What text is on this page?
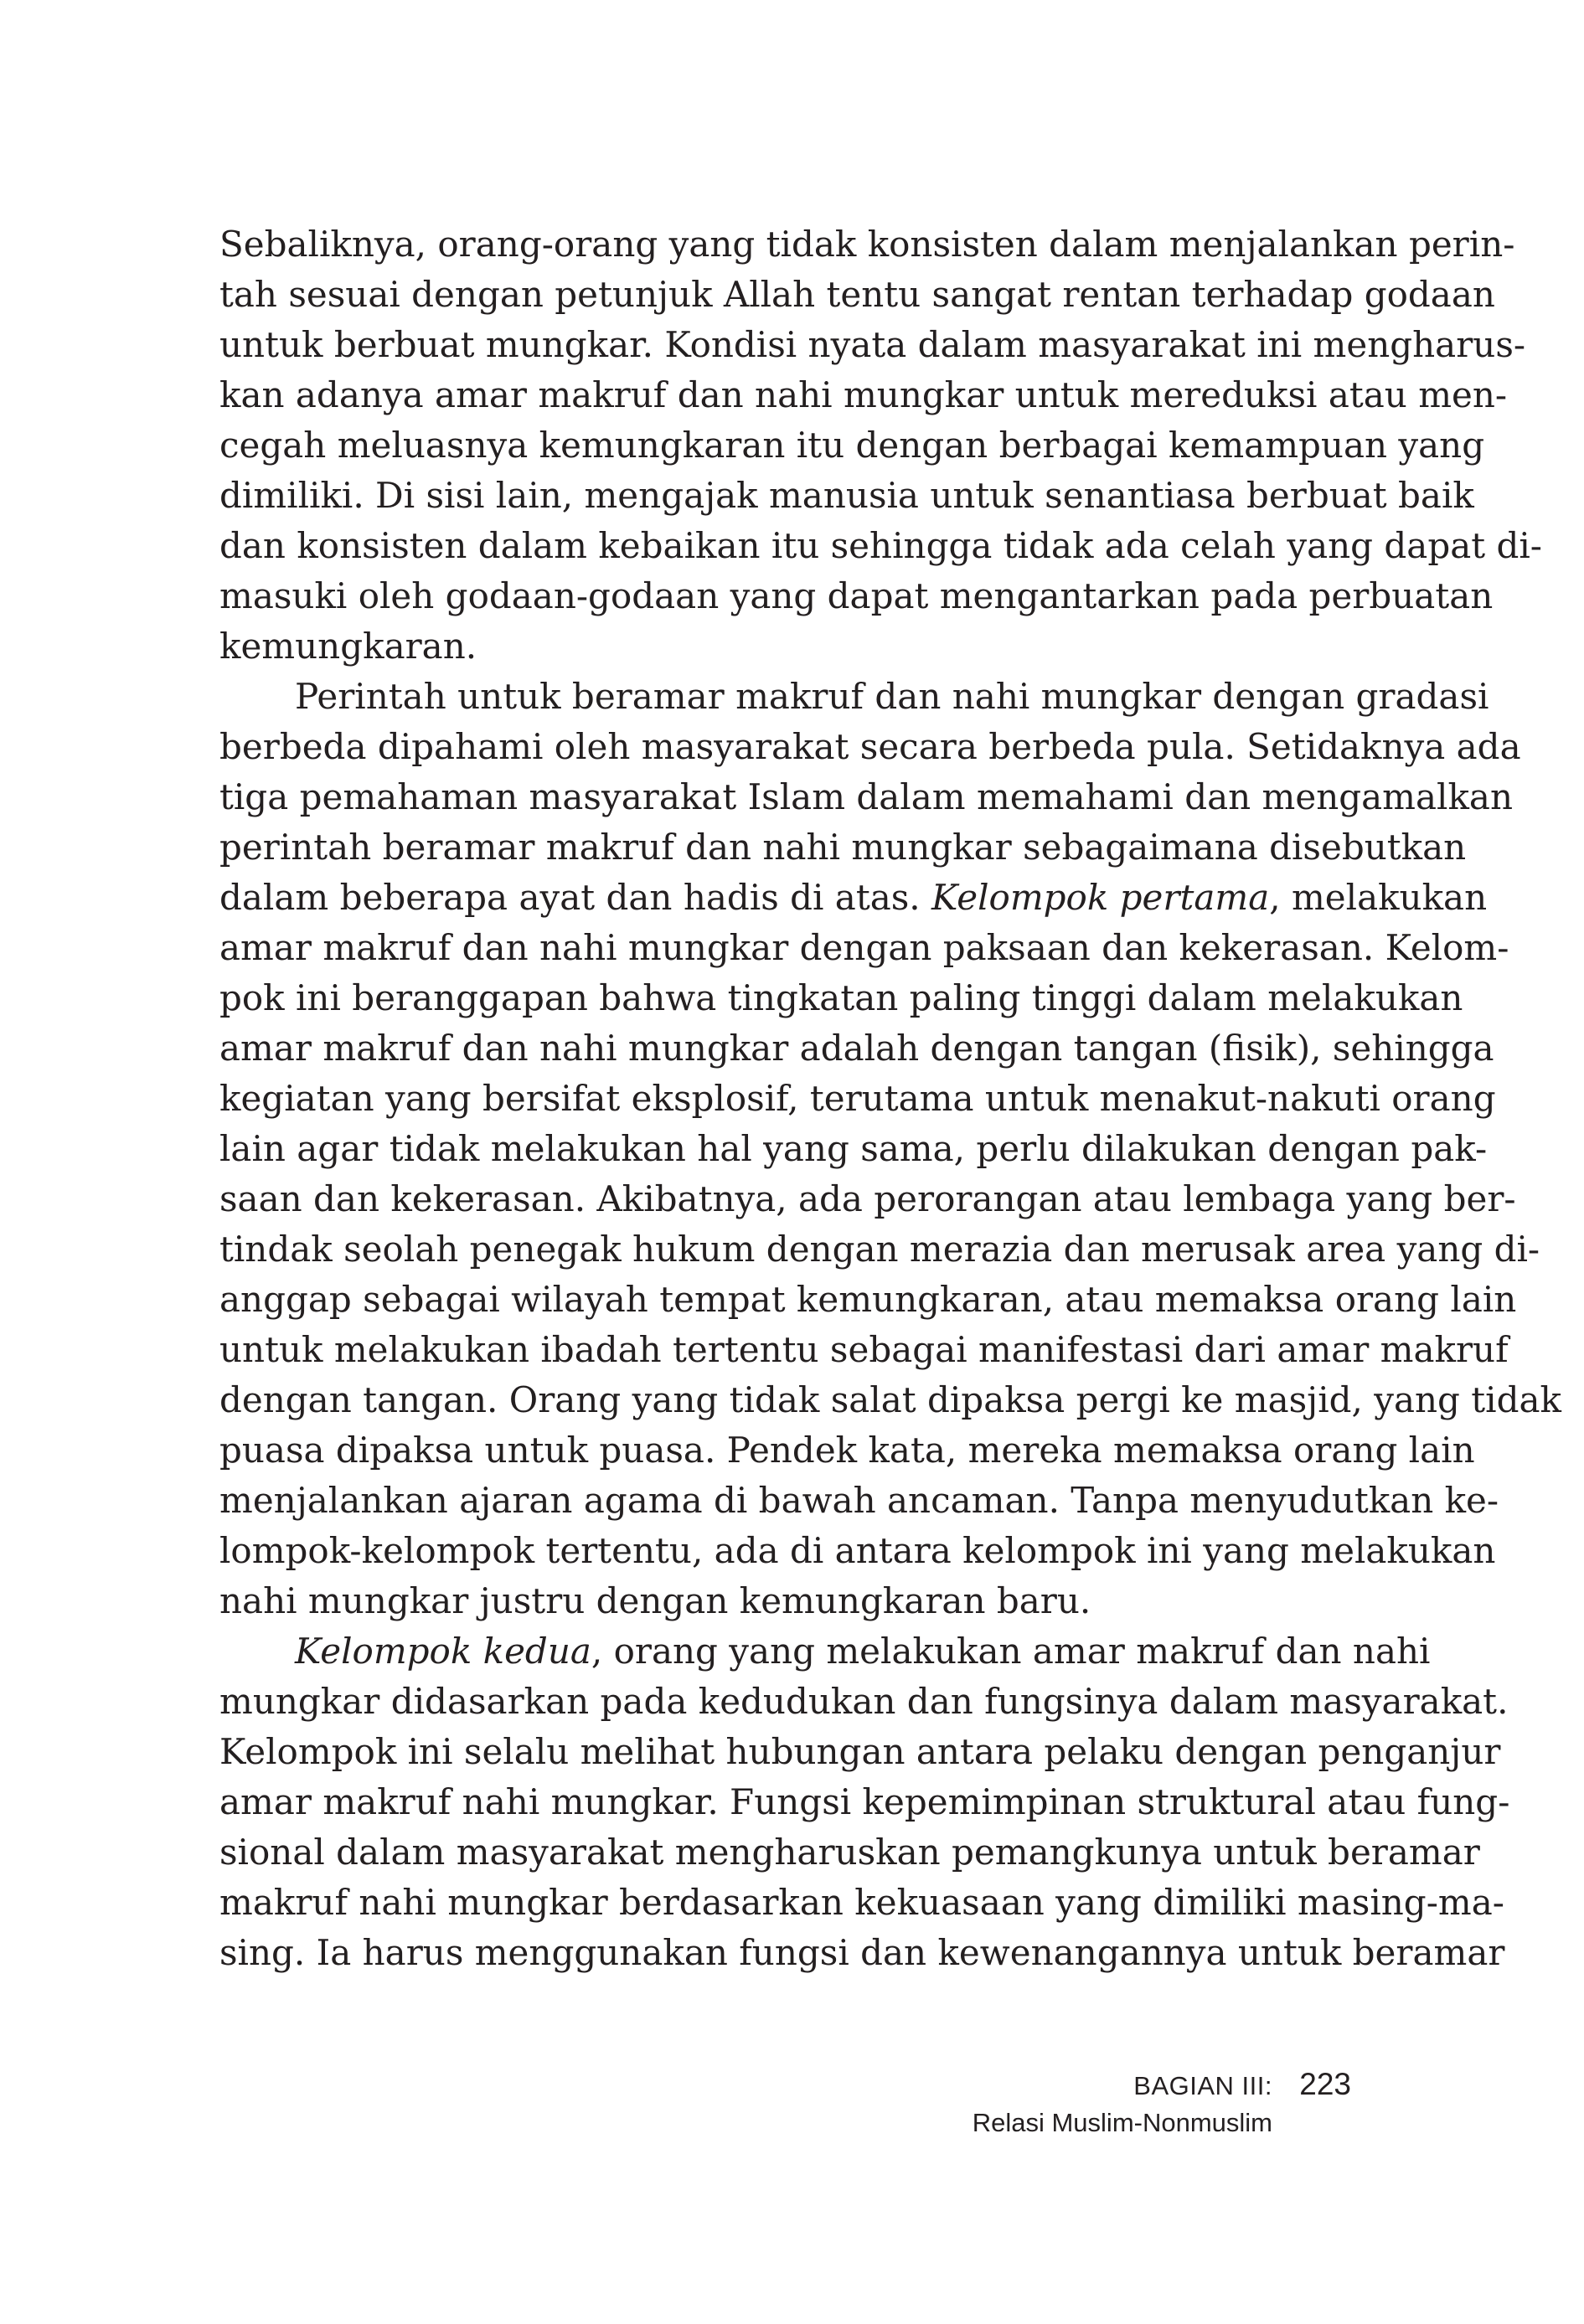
Sebaliknya, orang-orang yang tidak konsisten dalam menjalankan perin-
tah sesuai dengan petunjuk Allah tentu sangat rentan terhadap godaan
untuk berbuat mungkar. Kondisi nyata dalam masyarakat ini mengharus-
kan adanya amar makruf dan nahi mungkar untuk mereduksi atau men-
cegah meluasnya kemungkaran itu dengan berbagai kemampuan yang
dimiliki. Di sisi lain, mengajak manusia untuk senantiasa berbuat baik
dan konsisten dalam kebaikan itu sehingga tidak ada celah yang dapat di-
masuki oleh godaan-godaan yang dapat mengantarkan pada perbuatan
kemungkaran.
Perintah untuk beramar makruf dan nahi mungkar dengan gradasi
berbeda dipahami oleh masyarakat secara berbeda pula. Setidaknya ada
tiga pemahaman masyarakat Islam dalam memahami dan mengamalkan
perintah beramar makruf dan nahi mungkar sebagaimana disebutkan
dalam beberapa ayat dan hadis di atas. Kelompok pertama, melakukan
amar makruf dan nahi mungkar dengan paksaan dan kekerasan. Kelom-
pok ini beranggapan bahwa tingkatan paling tinggi dalam melakukan
amar makruf dan nahi mungkar adalah dengan tangan (fisik), sehingga
kegiatan yang bersifat eksplosif, terutama untuk menakut-nakuti orang
lain agar tidak melakukan hal yang sama, perlu dilakukan dengan pak-
saan dan kekerasan. Akibatnya, ada perorangan atau lembaga yang ber-
tindak seolah penegak hukum dengan merazia dan merusak area yang di-
anggap sebagai wilayah tempat kemungkaran, atau memaksa orang lain
untuk melakukan ibadah tertentu sebagai manifestasi dari amar makruf
dengan tangan. Orang yang tidak salat dipaksa pergi ke masjid, yang tidak
puasa dipaksa untuk puasa. Pendek kata, mereka memaksa orang lain
menjalankan ajaran agama di bawah ancaman. Tanpa menyudutkan ke-
lompok-kelompok tertentu, ada di antara kelompok ini yang melakukan
nahi mungkar justru dengan kemungkaran baru.
Kelompok kedua, orang yang melakukan amar makruf dan nahi
mungkar didasarkan pada kedudukan dan fungsinya dalam masyarakat.
Kelompok ini selalu melihat hubungan antara pelaku dengan penganjur
amar makruf nahi mungkar. Fungsi kepemimpinan struktural atau fung-
sional dalam masyarakat mengharuskan pemangkunya untuk beramar
makruf nahi mungkar berdasarkan kekuasaan yang dimiliki masing-ma-
sing. Ia harus menggunakan fungsi dan kewenangannya untuk beramar
BAGIAN III: 223
Relasi Muslim-Nonmuslim
